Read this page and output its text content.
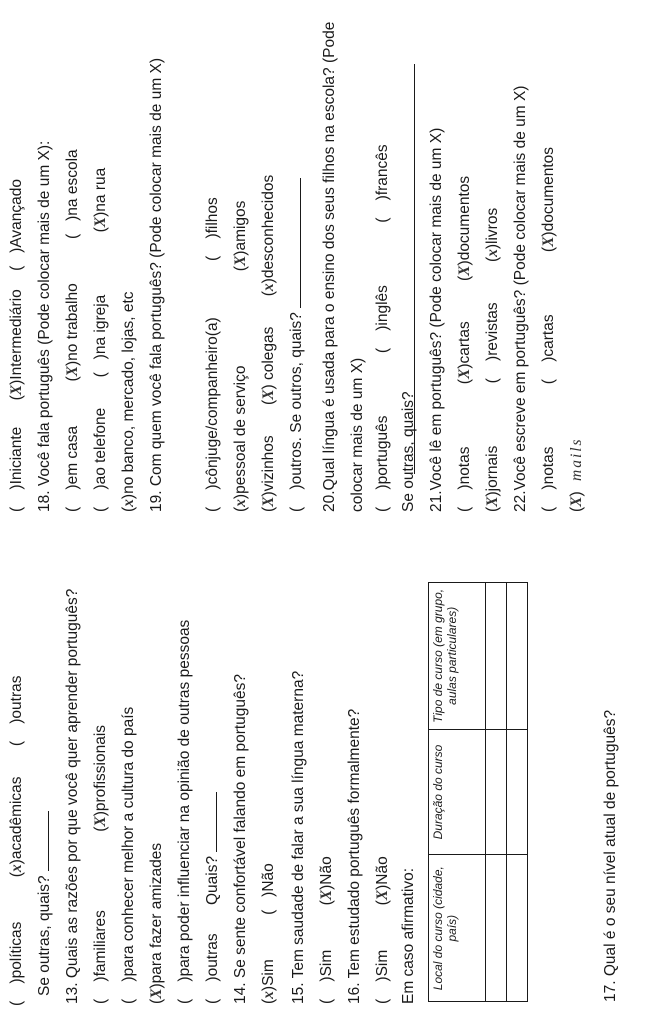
(    )políticas (x)acadêmicas (    )outras
Se outras, quais? 13. Quais as razões por que você quer aprender português? (    )familiares (X)profissionais
(    )para conhecer melhor a cultura do país
(X)para fazer amizades
(    )para poder influenciar na opinião de outras pessoas
(    )outras Quais? 14. Se sente confortável falando em português? (x)Sim (   )Não 15. Tem saudade de falar a sua língua materna? (    )Sim (X)Não 16. Tem estudado português formalmente? (    )Sim (X)Não Em caso afirmativo: Local do curso (cidade, país)	Duração do curso	Tipo de curso (em grupo, aulas particulares)

17. Qual é o seu nível atual de português?
(    )Iniciante (X)Intermediário (   )Avançado 18. Você fala português (Pode colocar mais de um X): (    )em casa (X)no trabalho (   )na escola
(    )ao telefone (   )na igreja (X)na rua
(x)no banco, mercado, lojas, etc 19. Com quem você fala português? (Pode colocar mais de um X)	(    )cônjuge/companheiro(a) (    )filhos
(x)pessoal de serviço (X)amigos
(X)vizinhos (X) colegas (x)desconhecidos
(    )outros. Se outros, quais?	20.Qual língua é usada para o ensino dos seus filhos na escola? (Pode colocar mais de um X) (    )português (    )inglês (    )francês
Se outras, quais? 21.Você lê em português? (Pode colocar mais de um X) (    )notas (X)cartas (X)documentos
(X)jornais (    )revistas (x)livros 22.Você escreve em português? (Pode colocar mais de um X) (    )notas (    )cartas (X)documentos
(X) mails
